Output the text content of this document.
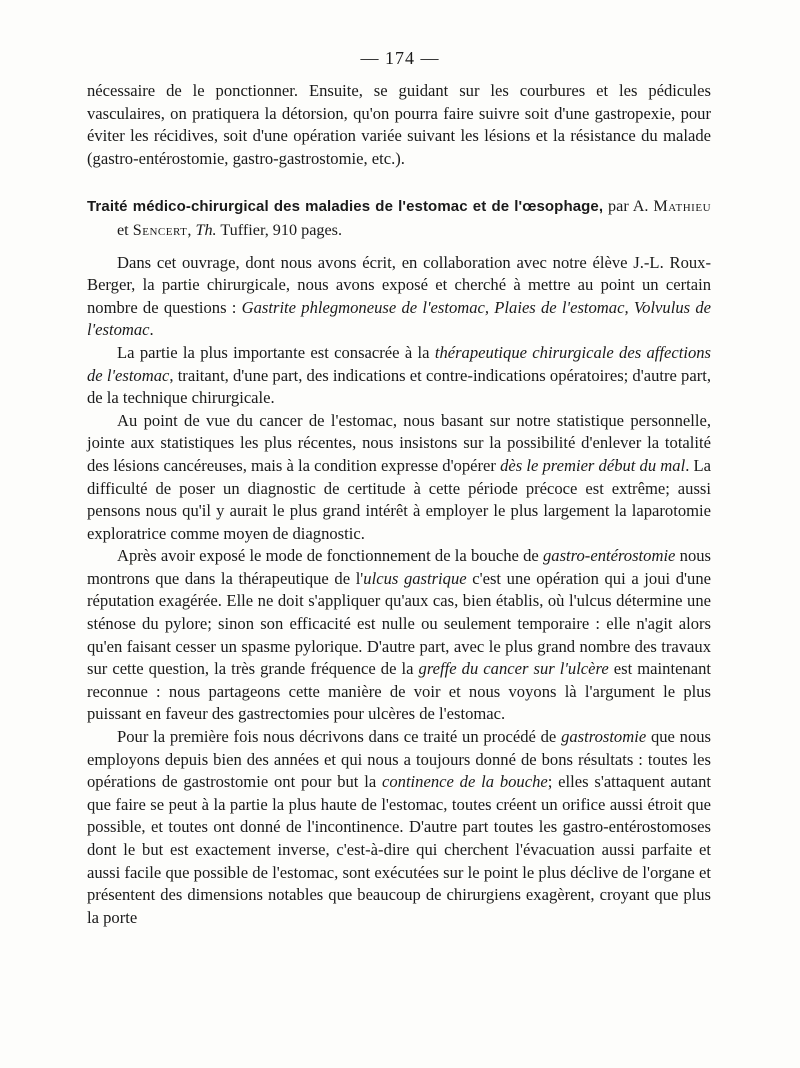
— 174 —

nécessaire de le ponctionner. Ensuite, se guidant sur les courbures et les pédicules vasculaires, on pratiquera la détorsion, qu'on pourra faire suivre soit d'une gastropexie, pour éviter les récidives, soit d'une opération variée suivant les lésions et la résistance du malade (gastro-entérostomie, gastro-gastrostomie, etc.).

Traité médico-chirurgical des maladies de l'estomac et de l'œsophage, par A. Mathieu et Sencert, Th. Tuffier, 910 pages.

Dans cet ouvrage, dont nous avons écrit, en collaboration avec notre élève J.-L. Roux-Berger, la partie chirurgicale, nous avons exposé et cherché à mettre au point un certain nombre de questions : Gastrite phlegmoneuse de l'estomac, Plaies de l'estomac, Volvulus de l'estomac.

La partie la plus importante est consacrée à la thérapeutique chirurgicale des affections de l'estomac, traitant, d'une part, des indications et contre-indications opératoires; d'autre part, de la technique chirurgicale.

Au point de vue du cancer de l'estomac, nous basant sur notre statistique personnelle, jointe aux statistiques les plus récentes, nous insistons sur la possibilité d'enlever la totalité des lésions cancéreuses, mais à la condition expresse d'opérer dès le premier début du mal. La difficulté de poser un diagnostic de certitude à cette période précoce est extrême; aussi pensons nous qu'il y aurait le plus grand intérêt à employer le plus largement la laparotomie exploratrice comme moyen de diagnostic.

Après avoir exposé le mode de fonctionnement de la bouche de gastro-entérostomie nous montrons que dans la thérapeutique de l'ulcus gastrique c'est une opération qui a joui d'une réputation exagérée. Elle ne doit s'appliquer qu'aux cas, bien établis, où l'ulcus détermine une sténose du pylore; sinon son efficacité est nulle ou seulement temporaire : elle n'agit alors qu'en faisant cesser un spasme pylorique. D'autre part, avec le plus grand nombre des travaux sur cette question, la très grande fréquence de la greffe du cancer sur l'ulcère est maintenant reconnue : nous partageons cette manière de voir et nous voyons là l'argument le plus puissant en faveur des gastrectomies pour ulcères de l'estomac.

Pour la première fois nous décrivons dans ce traité un procédé de gastrostomie que nous employons depuis bien des années et qui nous a toujours donné de bons résultats : toutes les opérations de gastrostomie ont pour but la continence de la bouche; elles s'attaquent autant que faire se peut à la partie la plus haute de l'estomac, toutes créent un orifice aussi étroit que possible, et toutes ont donné de l'incontinence. D'autre part toutes les gastro-entérostomoses dont le but est exactement inverse, c'est-à-dire qui cherchent l'évacuation aussi parfaite et aussi facile que possible de l'estomac, sont exécutées sur le point le plus déclive de l'organe et présentent des dimensions notables que beaucoup de chirurgiens exagèrent, croyant que plus la porte
